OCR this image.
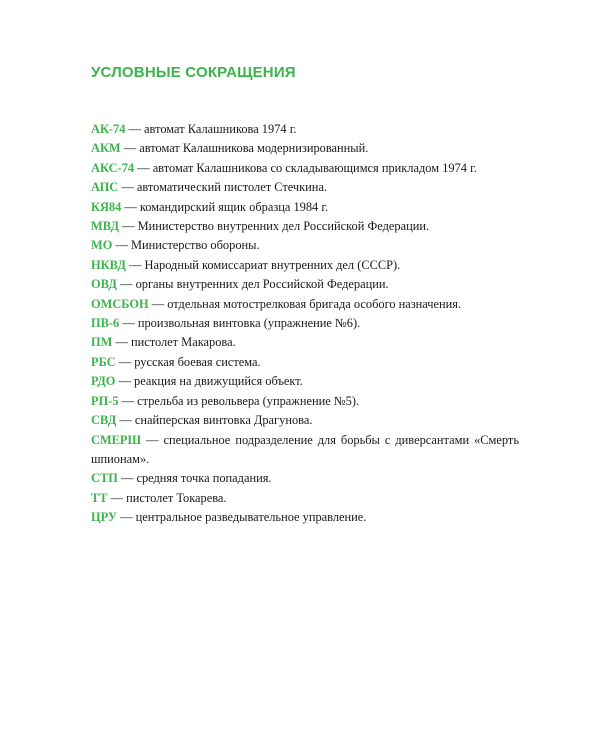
УСЛОВНЫЕ СОКРАЩЕНИЯ
АК-74 — автомат Калашникова 1974 г.
АКМ — автомат Калашникова модернизированный.
АКС-74 — автомат Калашникова со складывающимся прикладом 1974 г.
АПС — автоматический пистолет Стечкина.
КЯ84 — командирский ящик образца 1984 г.
МВД — Министерство внутренних дел Российской Федерации.
МО — Министерство обороны.
НКВД — Народный комиссариат внутренних дел (СССР).
ОВД — органы внутренних дел Российской Федерации.
ОМСБОН — отдельная мотострелковая бригада особого назначения.
ПВ-6 — произвольная винтовка (упражнение №6).
ПМ — пистолет Макарова.
РБС — русская боевая система.
РДО — реакция на движущийся объект.
РП-5 — стрельба из револьвера (упражнение №5).
СВД — снайперская винтовка Драгунова.
СМЕРШ — специальное подразделение для борьбы с диверсантами «Смерть шпионам».
СТП — средняя точка попадания.
ТТ — пистолет Токарева.
ЦРУ — центральное разведывательное управление.
